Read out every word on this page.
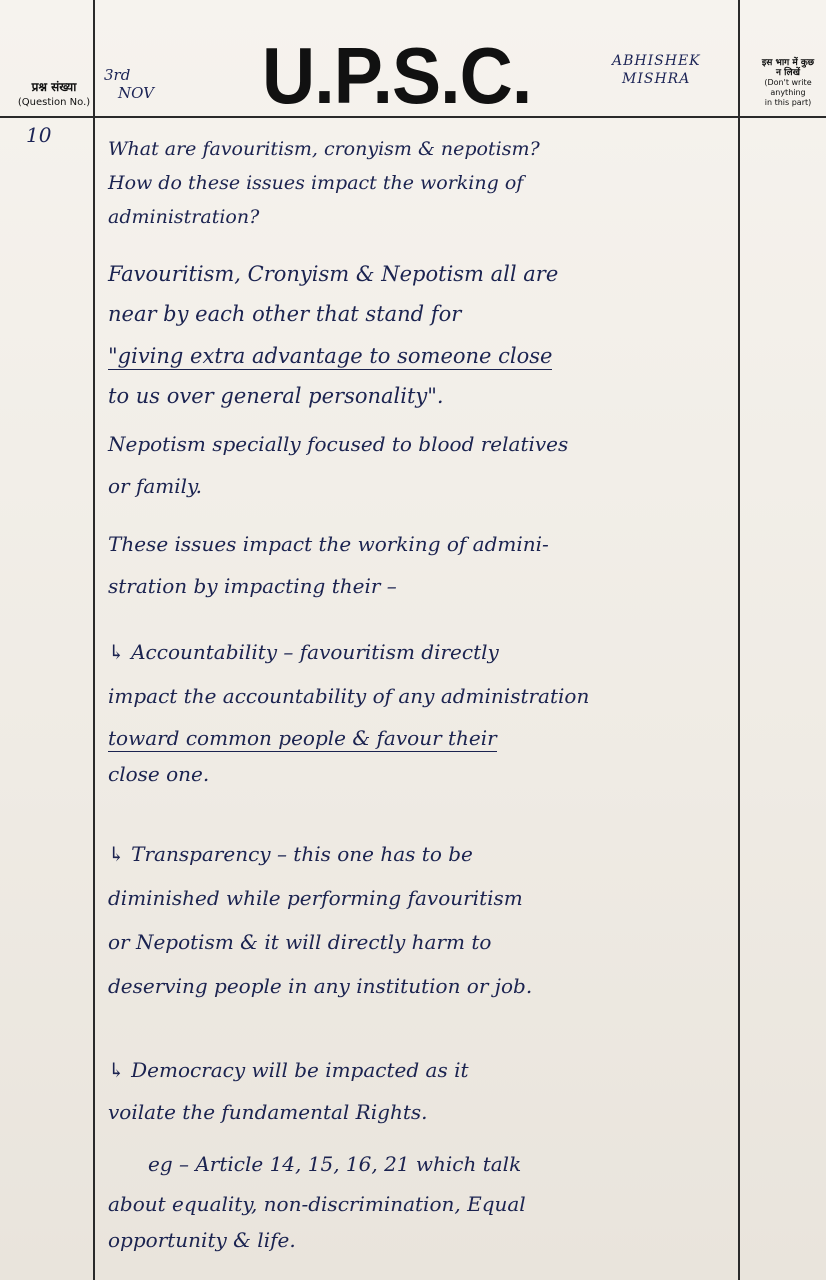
प्रश्न संख्या
(Question No.)
3rd
NOV U.P.S.C.	ABHISHEK
MISHRA
इस भाग में कुछ
न लिखें
(Don't write anything
in this part)
10
What are favouritism, cronyism & nepotism?
How do these issues impact the working of
administration?
Favouritism, Cronyism & Nepotism all are
near by each other that stand for
"giving extra advantage to someone close
to us over general personality".
Nepotism specially focused to blood relatives
or family.
These issues impact the working of admini-
stration by impacting their –
↳ Accountability – favouritism directly
impact the accountability of any administration
toward common people & favour their
close one.
↳ Transparency – this one has to be
diminished while performing favouritism
or Nepotism & it will directly harm to
deserving people in any institution or job.
↳ Democracy will be impacted as it
voilate the fundamental Rights.
eg – Article 14, 15, 16, 21 which talk
about equality, non-discrimination, Equal
opportunity & life.
